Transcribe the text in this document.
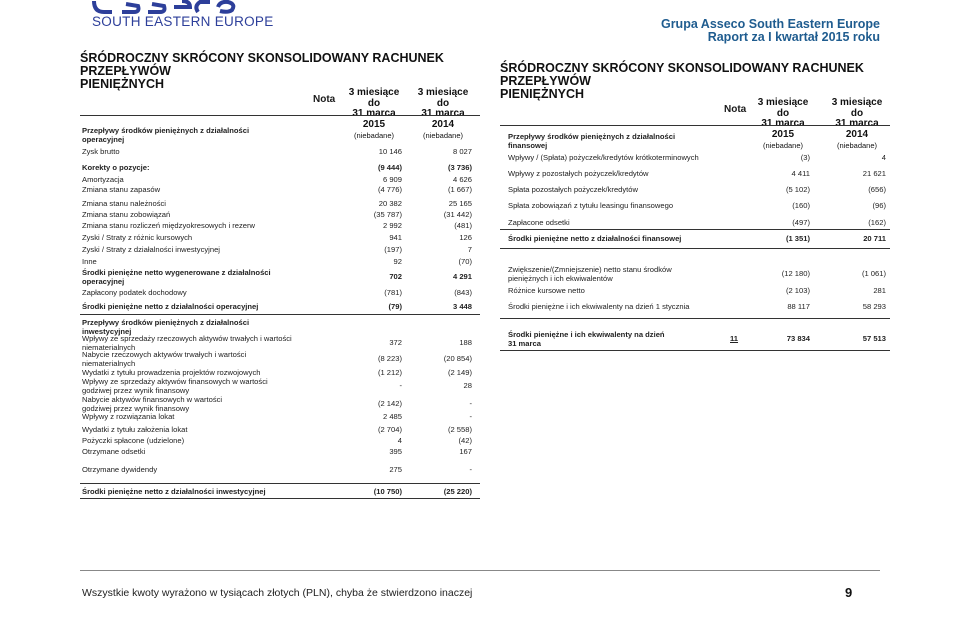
SOUTH EASTERN EUROPE	Grupa Asseco South Eastern Europe
Raport za I kwartał 2015 roku
ŚRÓDROCZNY SKRÓCONY SKONSOLIDOWANY RACHUNEK PRZEPŁYWÓW
PIENIĘŻNYCH
Nota
3 miesiące do
31 marca 2015
(niebadane)
3 miesiące do
31 marca 2014
(niebadane)
Przepływy środków pieniężnych z działalności
operacyjnej
Zysk brutto	10 146	8 027
Korekty o pozycje:	(9 444)	(3 736)
Amortyzacja	6 909	4 626
Zmiana stanu zapasów	(4 776)	(1 667)
Zmiana stanu należności	20 382	25 165
Zmiana stanu zobowiązań	(35 787)	(31 442)
Zmiana stanu rozliczeń międzyokresowych i rezerw	2 992	(481)
Zyski / Straty z różnic kursowych	941	126
Zyski / Straty z działalności inwestycyjnej	(197)	7
Inne	92	(70)
Środki pieniężne netto wygenerowane z działalności
operacyjnej
702	4 291
Zapłacony podatek dochodowy	(781)	(843)
Środki pieniężne netto z działalności operacyjnej	(79)	3 448
Przepływy środków pieniężnych z działalności
inwestycyjnej
Wpływy ze sprzedaży rzeczowych aktywów trwałych i wartości
niematerialnych
372	188
Nabycie rzeczowych aktywów trwałych i wartości
niematerialnych
(8 223)	(20 854)
Wydatki z tytułu prowadzenia projektów rozwojowych	(1 212)	(2 149)
Wpływy ze sprzedaży aktywów finansowych w wartości
godziwej przez wynik finansowy
-	28
Nabycie aktywów finansowych w wartości
godziwej przez wynik finansowy
(2 142)	-
Wpływy z rozwiązania lokat	2 485	-
Wydatki z tytułu założenia lokat	(2 704)	(2 558)
Pożyczki spłacone (udzielone)	4	(42)
Otrzymane odsetki	395	167
Otrzymane dywidendy	275	-
Środki pieniężne netto z działalności inwestycyjnej	(10 750)	(25 220)
ŚRÓDROCZNY SKRÓCONY SKONSOLIDOWANY RACHUNEK PRZEPŁYWÓW
PIENIĘŻNYCH
Nota
3 miesiące do
31 marca 2015
(niebadane)
3 miesiące do
31 marca 2014
(niebadane)
Przepływy środków pieniężnych z działalności
finansowej
Wpływy / (Spłata) pożyczek/kredytów krótkoterminowych	(3)	4
Wpływy z pozostałych pożyczek/kredytów	4 411	21 621
Spłata pozostałych pożyczek/kredytów	(5 102)	(656)
Spłata zobowiązań z tytułu leasingu finansowego	(160)	(96)
Zapłacone odsetki	(497)	(162)
Środki pieniężne netto z działalności finansowej	(1 351)	20 711
Zwiększenie/(Zmniejszenie) netto stanu środków
pieniężnych i ich ekwiwalentów
(12 180)	(1 061)
Różnice kursowe netto	(2 103)	281
Środki pieniężne i ich ekwiwalenty na dzień 1 stycznia	88 117	58 293
Środki pieniężne i ich ekwiwalenty na dzień
31 marca
11	73 834	57 513
Wszystkie kwoty wyrażono w tysiącach złotych (PLN), chyba że stwierdzono inaczej	9
